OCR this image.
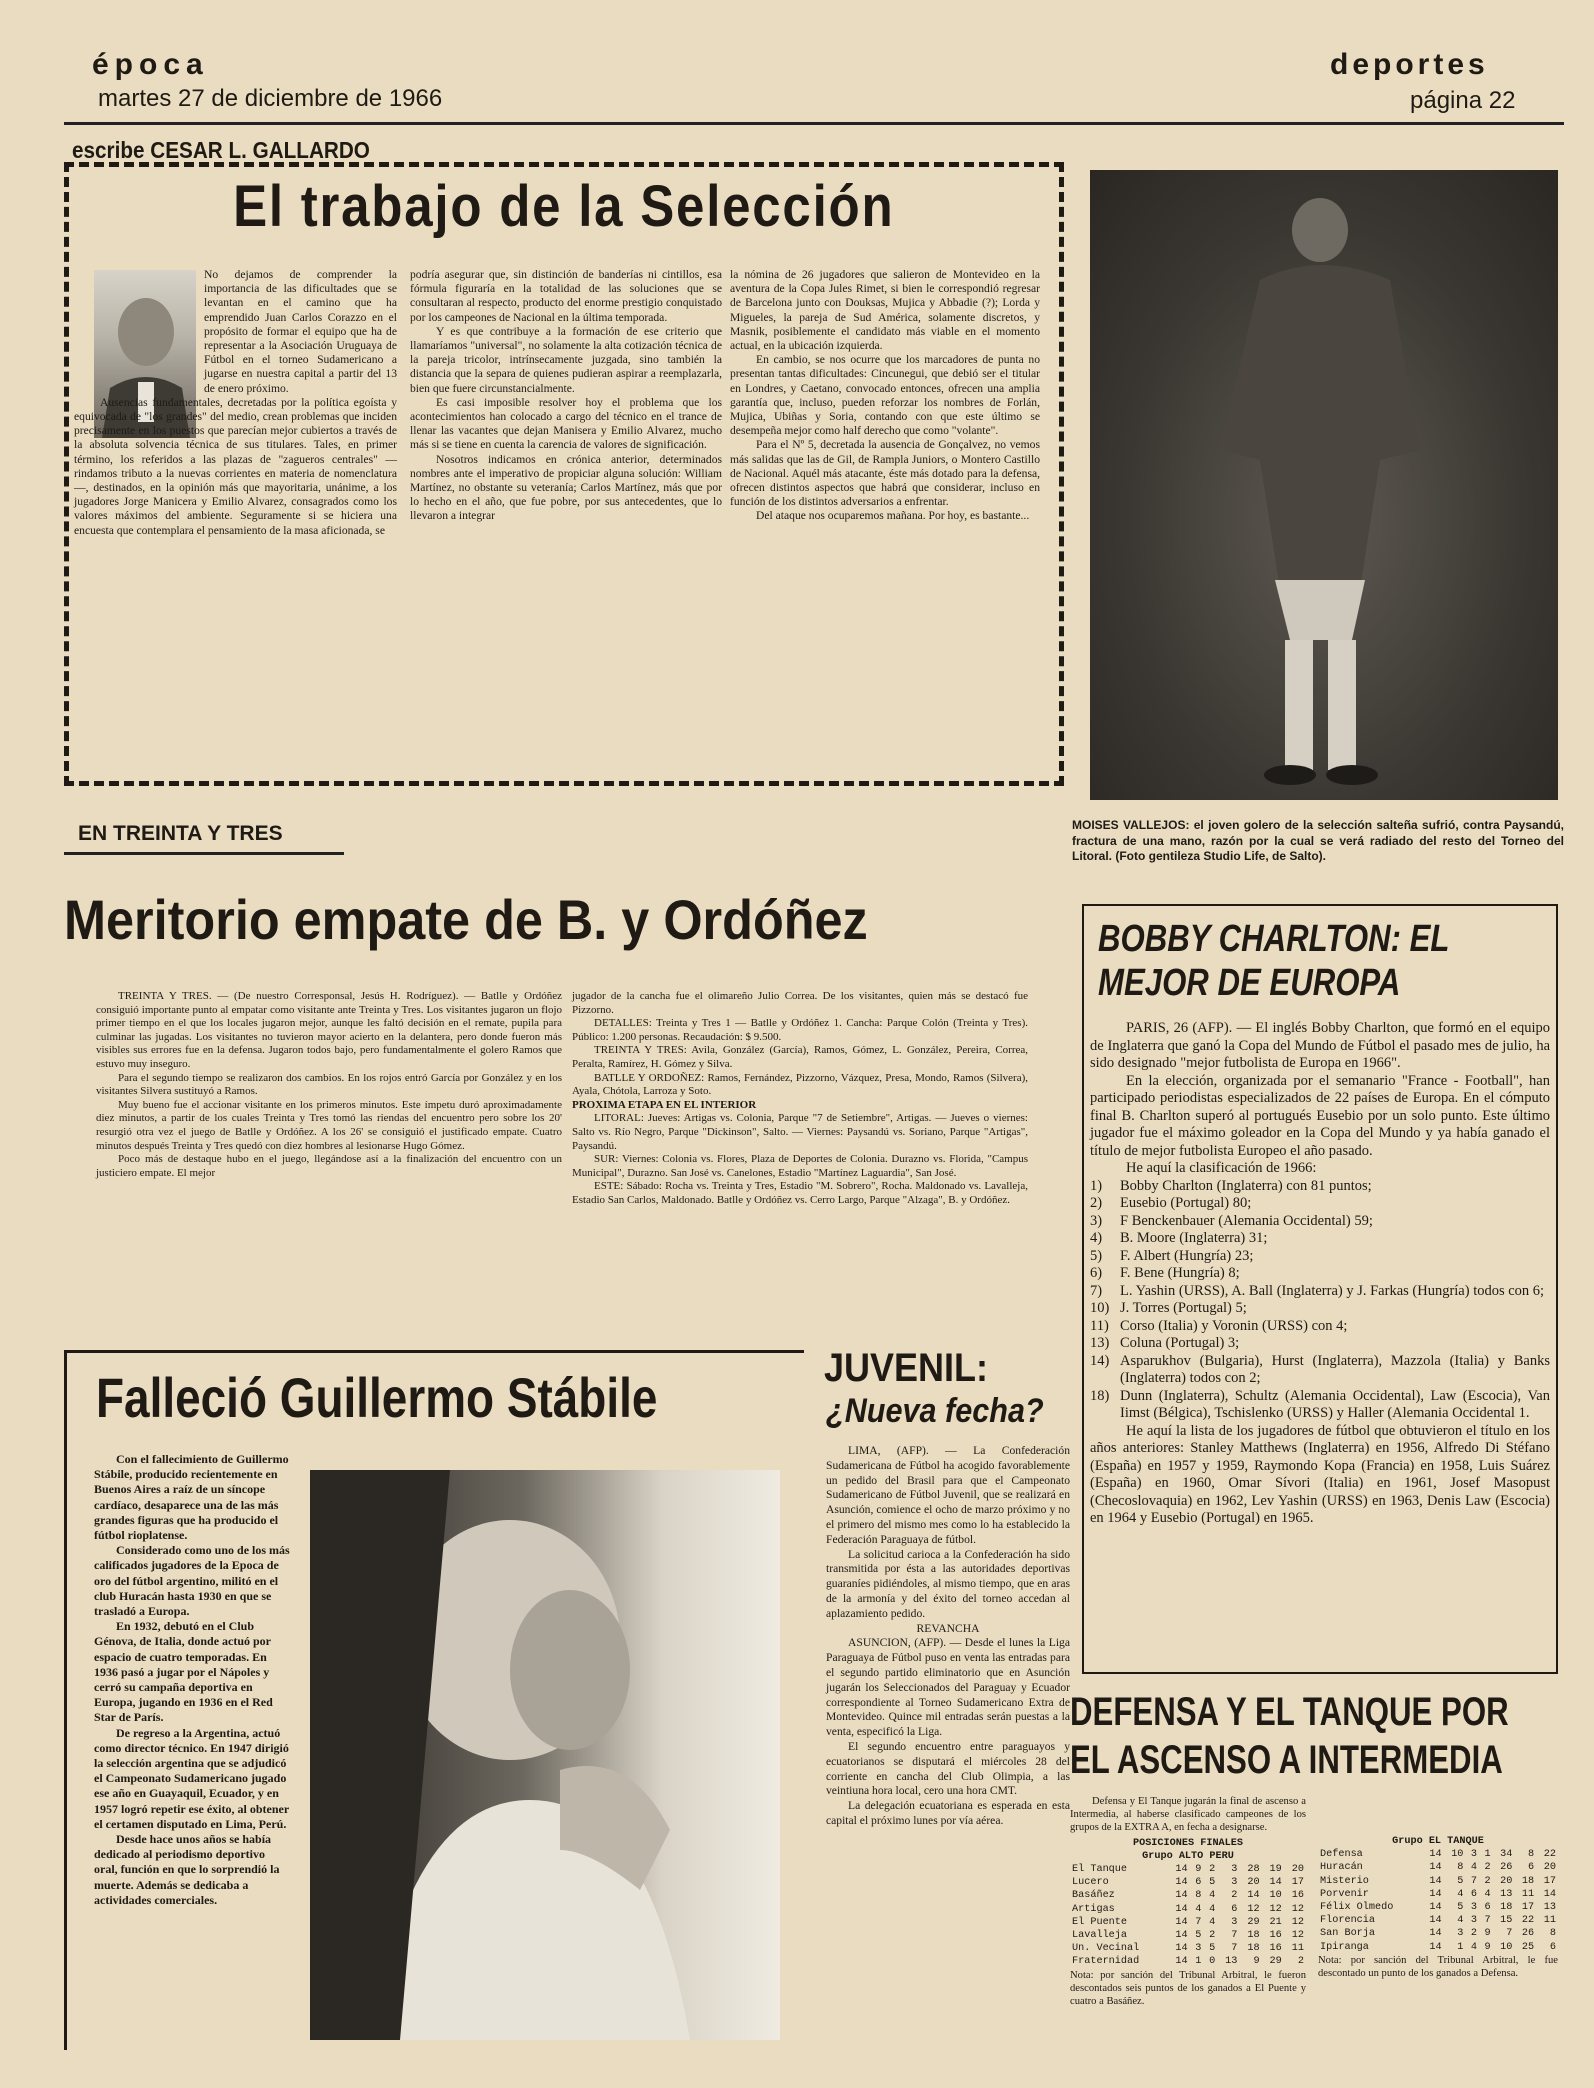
época
martes 27 de diciembre de 1966
deportes
página 22
escribe CESAR L. GALLARDO
El trabajo de la Selección

No dejamos de comprender la importancia de las dificultades que se levantan en el camino que ha emprendido Juan Carlos Corazzo en el propósito de formar el equipo que ha de representar a la Asociación Uruguaya de Fútbol en el torneo Sudamericano a jugarse en nuestra capital a partir del 13 de enero próximo.

Ausencias fundamentales, decretadas por la política egoísta y equivocada de "los grandes" del medio, crean problemas que inciden precisamente en los puestos que parecían mejor cubiertos a través de la absoluta solvencia técnica de sus titulares. Tales, en primer término, los referidos a las plazas de "zagueros centrales" —rindamos tributo a la nuevas corrientes en materia de nomenclatura—, destinados, en la opinión más que mayoritaria, unánime, a los jugadores Jorge Manicera y Emilio Alvarez, consagrados como los valores máximos del ambiente. Seguramente si se hiciera una encuesta que contemplara el pensamiento de la masa aficionada, se

podría asegurar que, sin distinción de banderías ni cintillos, esa fórmula figuraría en la totalidad de las soluciones que se consultaran al respecto, producto del enorme prestigio conquistado por los campeones de Nacional en la última temporada.

Y es que contribuye a la formación de ese criterio que llamaríamos "universal", no solamente la alta cotización técnica de la pareja tricolor, intrínsecamente juzgada, sino también la distancia que la separa de quienes pudieran aspirar a reemplazarla, bien que fuere circunstancialmente.

Es casi imposible resolver hoy el problema que los acontecimientos han colocado a cargo del técnico en el trance de llenar las vacantes que dejan Manisera y Emilio Alvarez, mucho más si se tiene en cuenta la carencia de valores de significación.

Nosotros indicamos en crónica anterior, determinados nombres ante el imperativo de propiciar alguna solución: William Martínez, no obstante su veteranía; Carlos Martínez, más que por lo hecho en el año, que fue pobre, por sus antecedentes, que lo llevaron a integrar

la nómina de 26 jugadores que salieron de Montevideo en la aventura de la Copa Jules Rimet, si bien le correspondió regresar de Barcelona junto con Douksas, Mujica y Abbadie (?); Lorda y Migueles, la pareja de Sud América, solamente discretos, y Masnik, posiblemente el candidato más viable en el momento actual, en la ubicación izquierda.

En cambio, se nos ocurre que los marcadores de punta no presentan tantas dificultades: Cincunegui, que debió ser el titular en Londres, y Caetano, convocado entonces, ofrecen una amplia garantía que, incluso, pueden reforzar los nombres de Forlán, Mujica, Ubiñas y Soria, contando con que este último se desempeña mejor como half derecho que como "volante".

Para el Nº 5, decretada la ausencia de Gonçalvez, no vemos más salidas que las de Gil, de Rampla Juniors, o Montero Castillo de Nacional. Aquél más atacante, éste más dotado para la defensa, ofrecen distintos aspectos que habrá que considerar, incluso en función de los distintos adversarios a enfrentar.

Del ataque nos ocuparemos mañana. Por hoy, es bastante...

MOISES VALLEJOS: el joven golero de la selección salteña sufrió, contra Paysandú, fractura de una mano, razón por la cual se verá radiado del resto del Torneo del Litoral. (Foto gentileza Studio Life, de Salto).
EN TREINTA Y TRES
Meritorio empate de B. y Ordóñez

TREINTA Y TRES. — (De nuestro Corresponsal, Jesús H. Rodríguez). — Batlle y Ordóñez consiguió importante punto al empatar como visitante ante Treinta y Tres. Los visitantes jugaron un flojo primer tiempo en el que los locales jugaron mejor, aunque les faltó decisión en el remate, pupila para culminar las jugadas. Los visitantes no tuvieron mayor acierto en la delantera, pero donde fueron más visibles sus errores fue en la defensa. Jugaron todos bajo, pero fundamentalmente el golero Ramos que estuvo muy inseguro.

Para el segundo tiempo se realizaron dos cambios. En los rojos entró García por González y en los visitantes Silvera sustituyó a Ramos.

Muy bueno fue el accionar visitante en los primeros minutos. Este ímpetu duró aproximadamente diez minutos, a partir de los cuales Treinta y Tres tomó las riendas del encuentro pero sobre los 20' resurgió otra vez el juego de Batlle y Ordóñez. A los 26' se consiguió el justificado empate. Cuatro minutos después Treinta y Tres quedó con diez hombres al lesionarse Hugo Gómez.

Poco más de destaque hubo en el juego, llegándose así a la finalización del encuentro con un justiciero empate. El mejor

jugador de la cancha fue el olimareño Julio Correa. De los visitantes, quien más se destacó fue Pizzorno.

DETALLES: Treinta y Tres 1 — Batlle y Ordóñez 1. Cancha: Parque Colón (Treinta y Tres). Público: 1.200 personas. Recaudación: $ 9.500.

TREINTA Y TRES: Avila, González (García), Ramos, Gómez, L. González, Pereira, Correa, Peralta, Ramírez, H. Gómez y Silva.

BATLLE Y ORDOÑEZ: Ramos, Fernández, Pizzorno, Vázquez, Presa, Mondo, Ramos (Silvera), Ayala, Chótola, Larroza y Soto.

PROXIMA ETAPA EN EL INTERIOR

LITORAL: Jueves: Artigas vs. Colonia, Parque "7 de Setiembre", Artigas. — Jueves o viernes: Salto vs. Río Negro, Parque "Dickinson", Salto. — Viernes: Paysandú vs. Soriano, Parque "Artigas", Paysandú.

SUR: Viernes: Colonia vs. Flores, Plaza de Deportes de Colonia. Durazno vs. Florida, "Campus Municipal", Durazno. San José vs. Canelones, Estadio "Martínez Laguardia", San José.

ESTE: Sábado: Rocha vs. Treinta y Tres, Estadio "M. Sobrero", Rocha. Maldonado vs. Lavalleja, Estadio San Carlos, Maldonado. Batlle y Ordóñez vs. Cerro Largo, Parque "Alzaga", B. y Ordóñez.

BOBBY CHARLTON: EL
MEJOR DE EUROPA

PARIS, 26 (AFP). — El inglés Bobby Charlton, que formó en el equipo de Inglaterra que ganó la Copa del Mundo de Fútbol el pasado mes de julio, ha sido designado "mejor futbolista de Europa en 1966".

En la elección, organizada por el semanario "France - Football", han participado periodistas especializados de 22 países de Europa. En el cómputo final B. Charlton superó al portugués Eusebio por un solo punto. Este último jugador fue el máximo goleador en la Copa del Mundo y ya había ganado el título de mejor futbolista Europeo el año pasado.

He aquí la clasificación de 1966:

1)	Bobby Charlton (Inglaterra) con 81 puntos;
2)	Eusebio (Portugal) 80;
3)	F Benckenbauer (Alemania Occidental) 59;
4)	B. Moore (Inglaterra) 31;
5)	F. Albert (Hungría) 23;
6)	F. Bene (Hungría) 8;
7)	L. Yashin (URSS), A. Ball (Inglaterra) y J. Farkas (Hungría) todos con 6;
10) J. Torres (Portugal) 5;
11) Corso (Italia) y Voronin (URSS) con 4;
13) Coluna (Portugal) 3;
14) Asparukhov (Bulgaria), Hurst (Inglaterra), Mazzola (Italia) y Banks (Inglaterra) todos con 2;
18) Dunn (Inglaterra), Schultz (Alemania Occidental), Law (Escocia), Van Iimst (Bélgica), Tschislenko (URSS) y Haller (Alemania Occidental 1.

He aquí la lista de los jugadores de fútbol que obtuvieron el título en los años anteriores: Stanley Matthews (Inglaterra) en 1956, Alfredo Di Stéfano (España) en 1957 y 1959, Raymondo Kopa (Francia) en 1958, Luis Suárez (España) en 1960, Omar Sívori (Italia) en 1961, Josef Masopust (Checoslovaquia) en 1962, Lev Yashin (URSS) en 1963, Denis Law (Escocia) en 1964 y Eusebio (Portugal) en 1965.

Falleció Guillermo Stábile

Con el fallecimiento de Guillermo Stábile, producido recientemente en Buenos Aires a raíz de un síncope cardíaco, desaparece una de las más grandes figuras que ha producido el fútbol rioplatense.

Considerado como uno de los más calificados jugadores de la Epoca de oro del fútbol argentino, militó en el club Huracán hasta 1930 en que se trasladó a Europa.

En 1932, debutó en el Club Génova, de Italia, donde actuó por espacio de cuatro temporadas. En 1936 pasó a jugar por el Nápoles y cerró su campaña deportiva en Europa, jugando en 1936 en el Red Star de París.

De regreso a la Argentina, actuó como director técnico. En 1947 dirigió la selección argentina que se adjudicó el Campeonato Sudamericano jugado ese año en Guayaquil, Ecuador, y en 1957 logró repetir ese éxito, al obtener el certamen disputado en Lima, Perú.

Desde hace unos años se había dedicado al periodismo deportivo oral, función en que lo sorprendió la muerte. Además se dedicaba a actividades comerciales.

JUVENIL:
¿Nueva fecha?

LIMA, (AFP). — La Confederación Sudamericana de Fútbol ha acogido favorablemente un pedido del Brasil para que el Campeonato Sudamericano de Fútbol Juvenil, que se realizará en Asunción, comience el ocho de marzo próximo y no el primero del mismo mes como lo ha establecido la Federación Paraguaya de fútbol.

La solicitud carioca a la Confederación ha sido transmitida por ésta a las autoridades deportivas guaraníes pidiéndoles, al mismo tiempo, que en aras de la armonía y del éxito del torneo accedan al aplazamiento pedido.

REVANCHA

ASUNCION, (AFP). — Desde el lunes la Liga Paraguaya de Fútbol puso en venta las entradas para el segundo partido eliminatorio que en Asunción jugarán los Seleccionados del Paraguay y Ecuador correspondiente al Torneo Sudamericano Extra de Montevideo. Quince mil entradas serán puestas a la venta, especificó la Liga.

El segundo encuentro entre paraguayos y ecuatorianos se disputará el miércoles 28 del corriente en cancha del Club Olimpia, a las veintiuna hora local, cero una hora CMT.

La delegación ecuatoriana es esperada en esta capital el próximo lunes por vía aérea.

DEFENSA Y EL TANQUE POR
EL ASCENSO A INTERMEDIA
Defensa y El Tanque jugarán la final de ascenso a Intermedia, al haberse clasificado campeones de los grupos de la EXTRA A, en fecha a designarse.
POSICIONES FINALES
Grupo ALTO PERU
El Tanque	14	9	2	3	28	19	20
Lucero	14	6	5	3	20	14	17
Basáñez	14	8	4	2	14	10	16
Artigas	14	4	4	6	12	12	12
El Puente	14	7	4	3	29	21	12
Lavalleja	14	5	2	7	18	16	12
Un. Vecinal	14	3	5	7	18	16	11
Fraternidad	14	1	0	13	9	29	2
Nota: por sanción del Tribunal Arbitral, le fueron descontados seis puntos de los ganados a El Puente y cuatro a Basáñez.
Grupo EL TANQUE
Defensa	14	10	3	1	34	8	22
Huracán	14	8	4	2	26	6	20
Misterio	14	5	7	2	20	18	17
Porvenir	14	4	6	4	13	11	14
Félix Olmedo	14	5	3	6	18	17	13
Florencia	14	4	3	7	15	22	11
San Borja	14	3	2	9	7	26	8
Ipiranga	14	1	4	9	10	25	6
Nota: por sanción del Tribunal Arbitral, le fue descontado un punto de los ganados a Defensa.
